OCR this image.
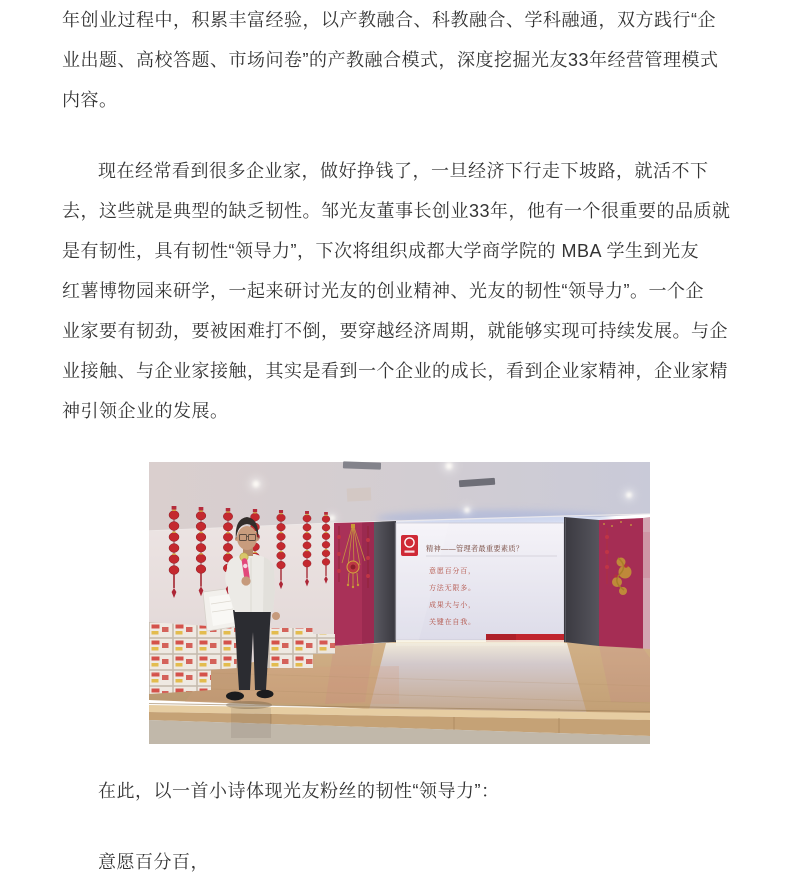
年创业过程中，积累丰富经验，以产教融合、科教融合、学科融通，双方践行“企
业出题、高校答题、市场问卷”的产教融合模式，深度挖掘光友33年经营管理模式
内容。
现在经常看到很多企业家，做好挣钱了，一旦经济下行走下坡路，就活不下
去，这些就是典型的缺乏韧性。邹光友董事长创业33年，他有一个很重要的品质就
是有韧性，具有韧性“领导力”，下次将组织成都大学商学院的 MBA 学生到光友
红薯博物园来研学，一起来研讨光友的创业精神、光友的韧性“领导力”。一个企
业家要有韧劲，要被困难打不倒，要穿越经济周期，就能够实现可持续发展。与企
业接触、与企业家接触，其实是看到一个企业的成长，看到企业家精神，企业家精
神引领企业的发展。
精神——管理者最重要素质？
意愿百分百，
方法无限多。
成果大与小，
关键在自我。
在此，以一首小诗体现光友粉丝的韧性“领导力”：
意愿百分百，
